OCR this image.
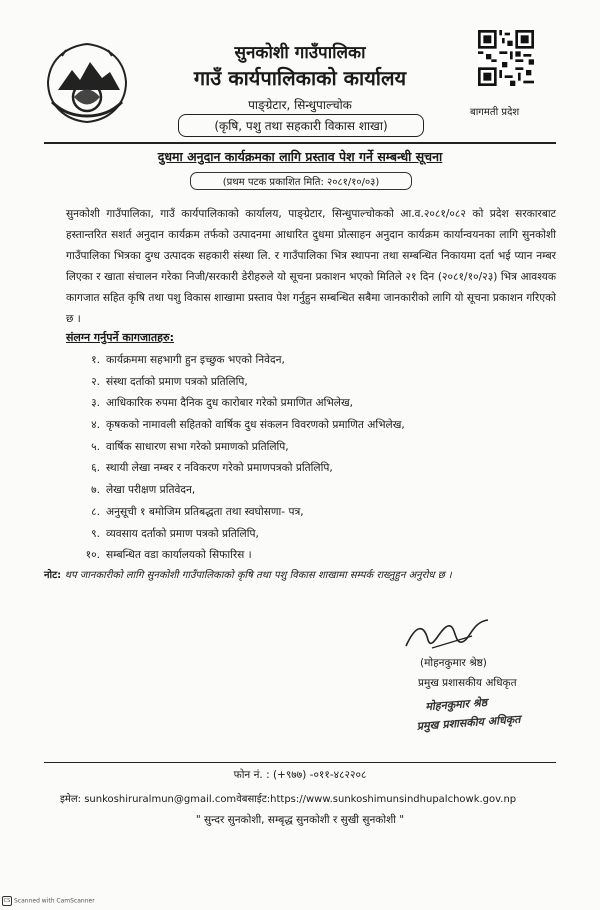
सुनकोशी गाउँपालिका
गाउँ कार्यपालिकाको कार्यालय
पाङ्ग्रेटार, सिन्धुपाल्चोक
(कृषि, पशु तथा सहकारी विकास शाखा)
बागमती प्रदेश
दुधमा अनुदान कार्यक्रमका लागि प्रस्ताव पेश गर्ने सम्बन्धी सूचना
(प्रथम पटक प्रकाशित मिति: २०८१/१०/०३)
सुनकोशी गाउँपालिका, गाउँ कार्यपालिकाको कार्यालय, पाङ्ग्रेटार, सिन्धुपाल्चोकको आ.व.२०८१/०८२ को प्रदेश सरकारबाट हस्तान्तरित सशर्त अनुदान कार्यक्रम तर्फको उत्पादनमा आधारित दुधमा प्रोत्साहन अनुदान कार्यक्रम कार्यान्वयनका लागि सुनकोशी गाउँपालिका भित्रका दुग्ध उत्पादक सहकारी संस्था लि. र गाउँपालिका भित्र स्थापना तथा सम्बन्धित निकायमा दर्ता भई प्यान नम्बर लिएका र खाता संचालन गरेका निजी/सरकारी डेरीहरुले यो सूचना प्रकाशन भएको मितिले २१ दिन (२०८१/१०/२३) भित्र आवश्यक कागजात सहित कृषि तथा पशु विकास शाखामा प्रस्ताव पेश गर्नुहुन सम्बन्धित सबैमा जानकारीको लागि यो सूचना प्रकाशन गरिएको छ ।
संलग्न गर्नुपर्ने कागजातहरु:
१. कार्यक्रममा सहभागी हुन इच्छुक भएको निवेदन,
२. संस्था दर्ताको प्रमाण पत्रको प्रतिलिपि,
३. आधिकारिक रुपमा दैनिक दुध कारोबार गरेको प्रमाणित अभिलेख,
४. कृषकको नामावली सहितको वार्षिक दुध संकलन विवरणको प्रमाणित अभिलेख,
५. वार्षिक साधारण सभा गरेको प्रमाणको प्रतिलिपि,
६. स्थायी लेखा नम्बर र नविकरण गरेको प्रमाणपत्रको प्रतिलिपि,
७. लेखा परीक्षण प्रतिवेदन,
८. अनुसूची १ बमोजिम प्रतिबद्धता तथा स्वघोसणा- पत्र,
९. व्यवसाय दर्ताको प्रमाण पत्रको प्रतिलिपि,
१०. सम्बन्धित वडा कार्यालयको सिफारिस ।
नोट: थप जानकारीको लागि सुनकोशी गाउँपालिकाको कृषि तथा पशु विकास शाखामा सम्पर्क राख्नुहुन अनुरोध छ ।
(मोहनकुमार श्रेष्ठ)
प्रमुख प्रशासकीय अधिकृत
मोहनकुमार श्रेष्ठ
प्रमुख प्रशासकीय अधिकृत
फोन नं. : (+९७७) -०११-४८२२०८
इमेल: sunkoshiruralmun@gmail.comवेबसाईट:https://www.sunkoshimunsindhupalchowk.gov.np
" सुन्दर सुनकोशी, सम्बृद्ध सुनकोशी र सुखी सुनकोशी "
CS Scanned with CamScanner
